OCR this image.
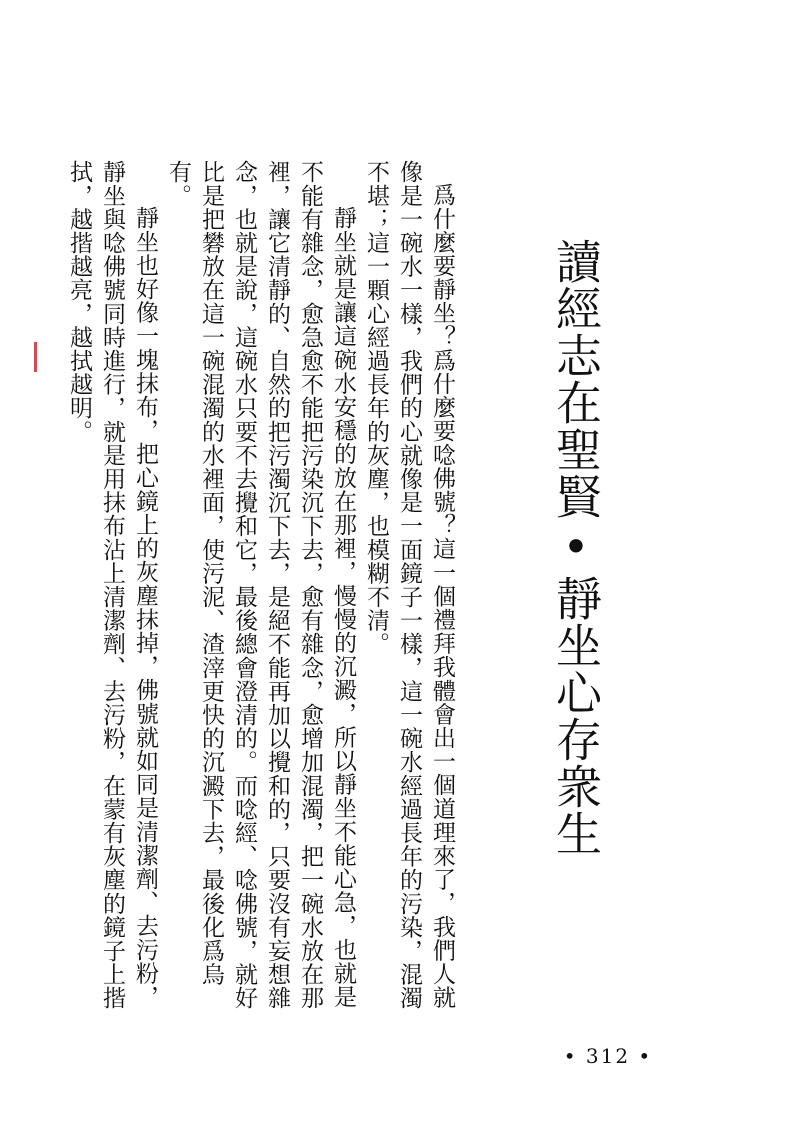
讀經志在聖賢•靜坐心存衆生

爲什麼要靜坐？爲什麼要唸佛號？這一個禮拜我體會出一個道理來了，我們人就像是一碗水一樣，我們的心就像是一面鏡子一樣，這一碗水經過長年的污染，混濁不堪；這一顆心經過長年的灰塵，也模糊不清。

靜坐就是讓這碗水安穩的放在那裡，慢慢的沉澱，所以靜坐不能心急，也就是不能有雜念，愈急愈不能把污染沉下去，愈有雜念，愈增加混濁，把一碗水放在那裡，讓它清靜的、自然的把污濁沉下去，是絕不能再加以攪和的，只要沒有妄想雜念，也就是說，這碗水只要不去攪和它，最後總會澄清的。而唸經、唸佛號，就好比是把礬放在這一碗混濁的水裡面，使污泥、渣滓更快的沉澱下去，最後化爲烏有。

靜坐也好像一塊抹布，把心鏡上的灰塵抹掉，佛號就如同是清潔劑、去污粉，靜坐與唸佛號同時進行，就是用抹布沾上清潔劑、去污粉，在蒙有灰塵的鏡子上揩拭，越揩越亮，越拭越明。

• 312 •
